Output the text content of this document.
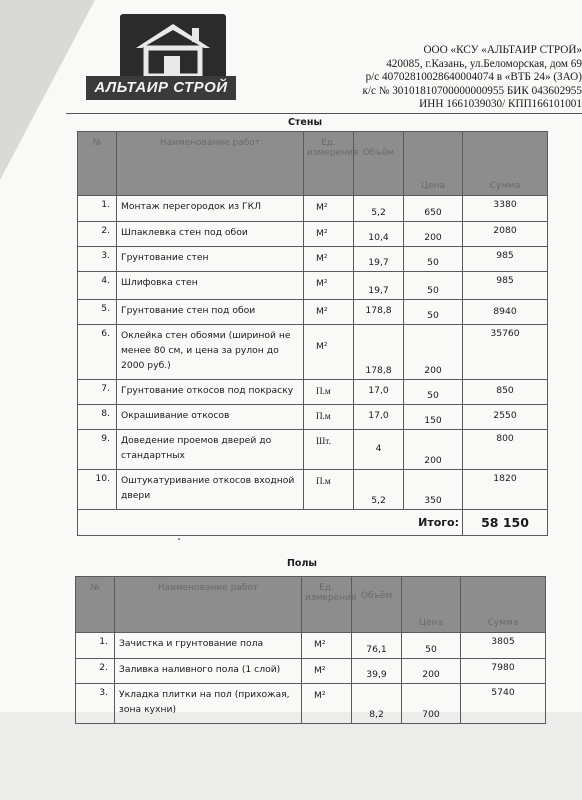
АЛЬТАИР СТРОЙ
ООО «КСУ «АЛЬТАИР СТРОЙ»
420085, г.Казань, ул.Беломорская, дом 69
р/с 40702810028640004074 в «ВТБ 24» (ЗАО)
к/с № 30101810700000000955 БИК 043602955
ИНН 1661039030/ КПП166101001
Стены
№	Наименование работ	Ед. измерения	Объём	Цена	Сумма
1.	Монтаж перегородок из ГКЛ	М²	5,2	650	3380
2.	Шпаклевка стен под обои	М²	10,4	200	2080
3.	Грунтование стен	М²	19,7	50	985
4.	Шлифовка стен	М²	19,7	50	985
5.	Грунтование стен под обои	М²	178,8	50	8940
6.	Оклейка стен обоями (шириной не менее 80 см, и цена за рулон до 2000 руб.)	М²	178,8	200	35760
7.	Грунтование откосов под покраску	П.м	17,0	50	850
8.	Окрашивание откосов	П.м	17,0	150	2550
9.	Доведение проемов дверей до стандартных	Шт.	4	200	800
10.	Оштукатуривание откосов входной двери	П.м	5,2	350	1820
Итого:					58 150
Полы
№	Наименование работ	Ед. измерения	Объём	Цена	Сумма
1.	Зачистка и грунтование пола	М²	76,1	50	3805
2.	Заливка наливного пола (1 слой)	М²	39,9	200	7980
3.	Укладка плитки на пол (прихожая, зона кухни)	М²	8,2	700	5740
